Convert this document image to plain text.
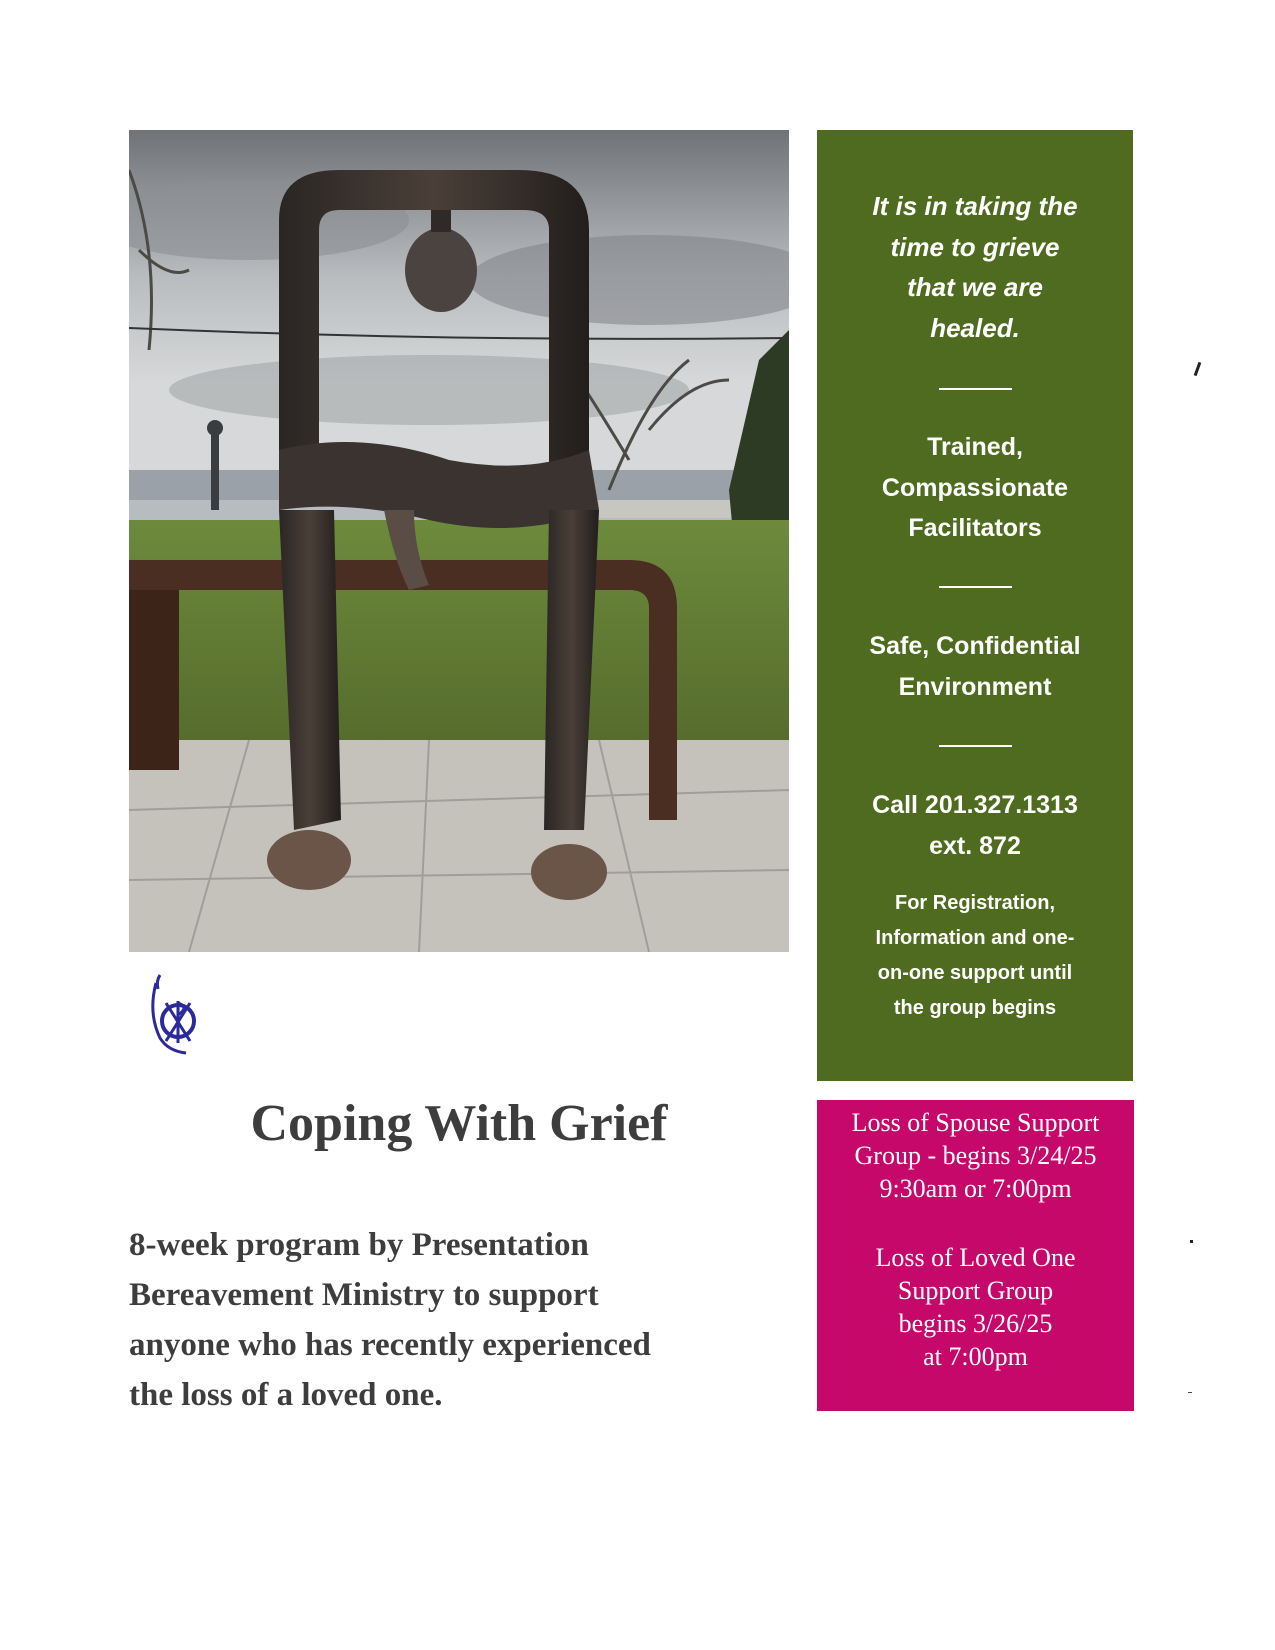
It is in taking the
time to grieve
that we are
healed.
Trained,
Compassionate
Facilitators
Safe, Confidential
Environment
Call 201.327.1313
ext. 872
For Registration,
Information and one-
on-one support until
the group begins
Loss of Spouse Support
Group - begins 3/24/25
9:30am or 7:00pm
Loss of Loved One
Support Group
begins 3/26/25
at 7:00pm
Coping With Grief
8-week program by Presentation
Bereavement Ministry to support
anyone who has recently experienced
the loss of a loved one.
